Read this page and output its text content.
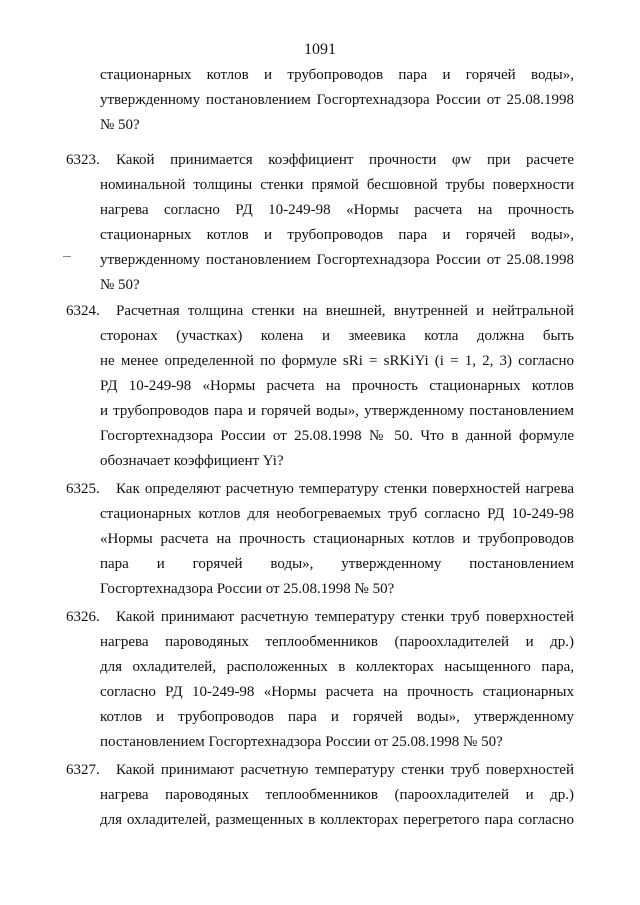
1091
стационарных котлов и трубопроводов пара и горячей воды»,
утвержденному постановлением Госгортехнадзора России от 25.08.1998
№ 50?
6323. Какой принимается коэффициент прочности φw при расчете
номинальной толщины стенки прямой бесшовной трубы поверхности
нагрева согласно РД 10-249-98 «Нормы расчета на прочность
стационарных котлов и трубопроводов пара и горячей воды»,
утвержденному постановлением Госгортехнадзора России от 25.08.1998
№ 50?
6324. Расчетная толщина стенки на внешней, внутренней и нейтральной
сторонах (участках) колена и змеевика котла должна быть
не менее определенной по формуле sRi = sRKiYi (i = 1, 2, 3) согласно
РД 10-249-98 «Нормы расчета на прочность стационарных котлов
и трубопроводов пара и горячей воды», утвержденному постановлением
Госгортехнадзора России от 25.08.1998 № 50. Что в данной формуле
обозначает коэффициент Yi?
6325. Как определяют расчетную температуру стенки поверхностей нагрева
стационарных котлов для необогреваемых труб согласно РД 10-249-98
«Нормы расчета на прочность стационарных котлов и трубопроводов
пара и горячей воды», утвержденному постановлением
Госгортехнадзора России от 25.08.1998 № 50?
6326. Какой принимают расчетную температуру стенки труб поверхностей
нагрева пароводяных теплообменников (пароохладителей и др.)
для охладителей, расположенных в коллекторах насыщенного пара,
согласно РД 10-249-98 «Нормы расчета на прочность стационарных
котлов и трубопроводов пара и горячей воды», утвержденному
постановлением Госгортехнадзора России от 25.08.1998 № 50?
6327. Какой принимают расчетную температуру стенки труб поверхностей
нагрева пароводяных теплообменников (пароохладителей и др.)
для охладителей, размещенных в коллекторах перегретого пара согласно
